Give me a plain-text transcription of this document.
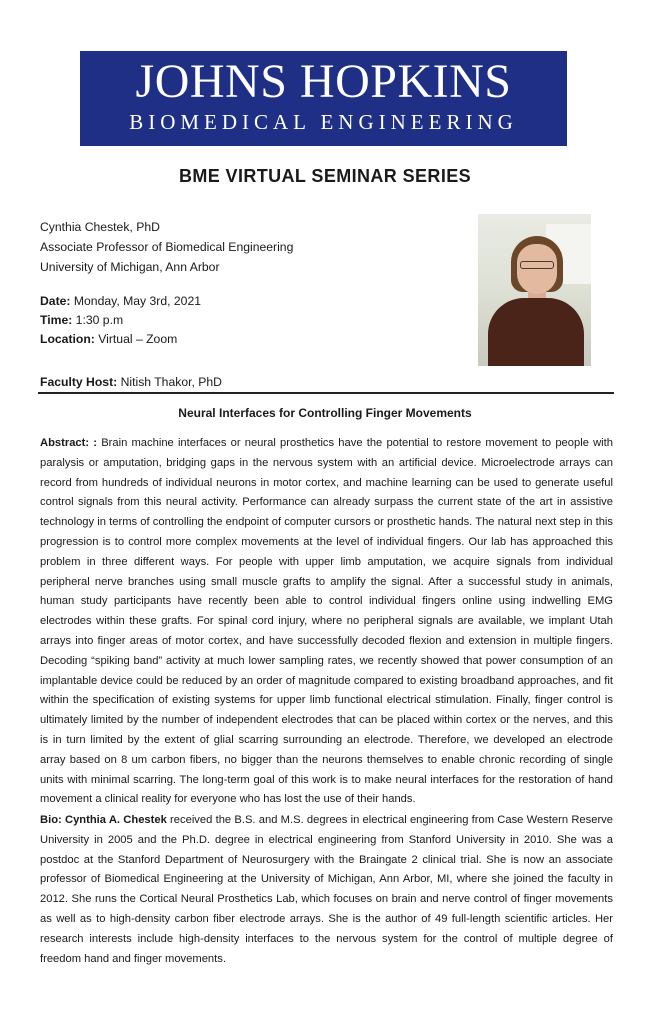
JOHNS HOPKINS
BIOMEDICAL ENGINEERING
BME VIRTUAL SEMINAR SERIES
Cynthia Chestek, PhD
Associate Professor of Biomedical Engineering
University of Michigan, Ann Arbor
Date: Monday, May 3rd, 2021
Time: 1:30 p.m
Location: Virtual – Zoom
Faculty Host: Nitish Thakor, PhD
Neural Interfaces for Controlling Finger Movements
Abstract: : Brain machine interfaces or neural prosthetics have the potential to restore movement to people with paralysis or amputation, bridging gaps in the nervous system with an artificial device. Microelectrode arrays can record from hundreds of individual neurons in motor cortex, and machine learning can be used to generate useful control signals from this neural activity. Performance can already surpass the current state of the art in assistive technology in terms of controlling the endpoint of computer cursors or prosthetic hands. The natural next step in this progression is to control more complex movements at the level of individual fingers. Our lab has approached this problem in three different ways. For people with upper limb amputation, we acquire signals from individual peripheral nerve branches using small muscle grafts to amplify the signal. After a successful study in animals, human study participants have recently been able to control individual fingers online using indwelling EMG electrodes within these grafts. For spinal cord injury, where no peripheral signals are available, we implant Utah arrays into finger areas of motor cortex, and have successfully decoded flexion and extension in multiple fingers. Decoding “spiking band” activity at much lower sampling rates, we recently showed that power consumption of an implantable device could be reduced by an order of magnitude compared to existing broadband approaches, and fit within the specification of existing systems for upper limb functional electrical stimulation. Finally, finger control is ultimately limited by the number of independent electrodes that can be placed within cortex or the nerves, and this is in turn limited by the extent of glial scarring surrounding an electrode. Therefore, we developed an electrode array based on 8 um carbon fibers, no bigger than the neurons themselves to enable chronic recording of single units with minimal scarring. The long-term goal of this work is to make neural interfaces for the restoration of hand movement a clinical reality for everyone who has lost the use of their hands.
Bio: Cynthia A. Chestek received the B.S. and M.S. degrees in electrical engineering from Case Western Reserve University in 2005 and the Ph.D. degree in electrical engineering from Stanford University in 2010. She was a postdoc at the Stanford Department of Neurosurgery with the Braingate 2 clinical trial. She is now an associate professor of Biomedical Engineering at the University of Michigan, Ann Arbor, MI, where she joined the faculty in 2012. She runs the Cortical Neural Prosthetics Lab, which focuses on brain and nerve control of finger movements as well as to high-density carbon fiber electrode arrays. She is the author of 49 full-length scientific articles. Her research interests include high-density interfaces to the nervous system for the control of multiple degree of freedom hand and finger movements.
